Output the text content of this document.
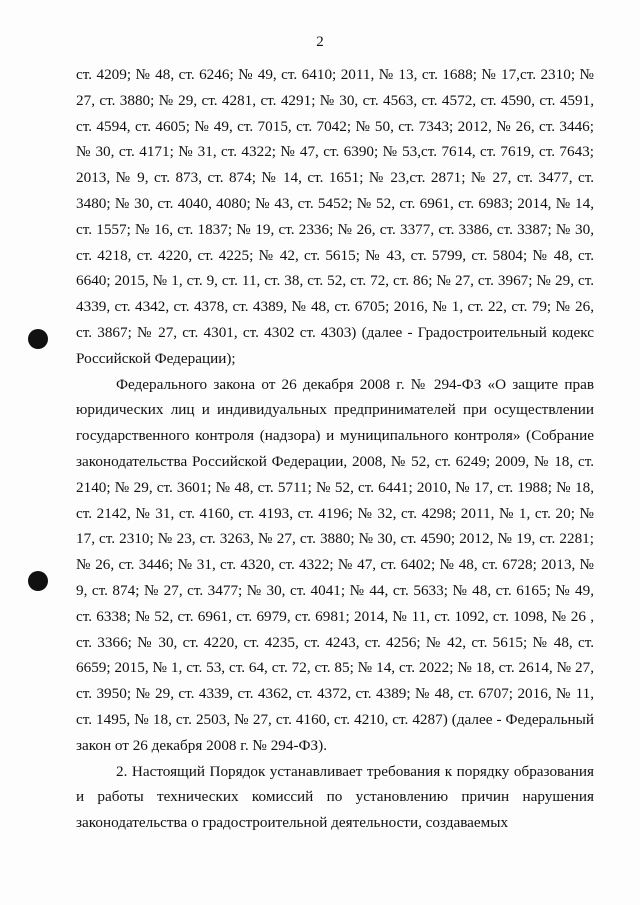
2

ст. 4209; № 48, ст. 6246; № 49, ст. 6410; 2011, № 13, ст. 1688; № 17,ст. 2310; № 27, ст. 3880; № 29, ст. 4281, ст. 4291; № 30, ст. 4563, ст. 4572, ст. 4590, ст. 4591, ст. 4594, ст. 4605; № 49, ст. 7015, ст. 7042; № 50, ст. 7343; 2012, № 26, ст. 3446; № 30, ст. 4171; № 31, ст. 4322; № 47, ст. 6390; № 53,ст. 7614, ст. 7619, ст. 7643; 2013, № 9, ст. 873, ст. 874; № 14, ст. 1651; № 23,ст. 2871; № 27, ст. 3477, ст. 3480; № 30, ст. 4040, 4080; № 43, ст. 5452; № 52, ст. 6961, ст. 6983; 2014, № 14, ст. 1557; № 16, ст. 1837; № 19, ст. 2336; № 26, ст. 3377, ст. 3386, ст. 3387; № 30, ст. 4218, ст. 4220, ст. 4225; № 42, ст. 5615; № 43, ст. 5799, ст. 5804; № 48, ст. 6640; 2015, № 1, ст. 9, ст. 11, ст. 38, ст. 52, ст. 72, ст. 86; № 27, ст. 3967; № 29, ст. 4339, ст. 4342, ст. 4378, ст. 4389, № 48, ст. 6705; 2016, № 1, ст. 22, ст. 79; № 26, ст. 3867; № 27, ст. 4301, ст. 4302 ст. 4303) (далее - Градостроительный кодекс Российской Федерации);

Федерального закона от 26 декабря 2008 г. № 294-ФЗ «О защите прав юридических лиц и индивидуальных предпринимателей при осуществлении государственного контроля (надзора) и муниципального контроля» (Собрание законодательства Российской Федерации, 2008, № 52, ст. 6249; 2009, № 18, ст. 2140; № 29, ст. 3601; № 48, ст. 5711; № 52, ст. 6441; 2010, № 17, ст. 1988; № 18, ст. 2142, № 31, ст. 4160, ст. 4193, ст. 4196; № 32, ст. 4298; 2011, № 1, ст. 20; № 17, ст. 2310; № 23, ст. 3263, № 27, ст. 3880; № 30, ст. 4590; 2012, № 19, ст. 2281; № 26, ст. 3446; № 31, ст. 4320, ст. 4322; № 47, ст. 6402; № 48, ст. 6728; 2013, № 9, ст. 874; № 27, ст. 3477; № 30, ст. 4041; № 44, ст. 5633; № 48, ст. 6165; № 49, ст. 6338; № 52, ст. 6961, ст. 6979, ст. 6981; 2014, № 11, ст. 1092, ст. 1098, № 26 , ст. 3366; № 30, ст. 4220, ст. 4235, ст. 4243, ст. 4256; № 42, ст. 5615; № 48, ст. 6659; 2015, № 1, ст. 53, ст. 64, ст. 72, ст. 85; № 14, ст. 2022; № 18, ст. 2614, № 27, ст. 3950; № 29, ст. 4339, ст. 4362, ст. 4372, ст. 4389; № 48, ст. 6707; 2016, № 11, ст. 1495, № 18, ст. 2503, № 27, ст. 4160, ст. 4210, ст. 4287) (далее - Федеральный закон от 26 декабря 2008 г. № 294-ФЗ).

2. Настоящий Порядок устанавливает требования к порядку образования и работы технических комиссий по установлению причин нарушения законодательства о градостроительной деятельности, создаваемых
